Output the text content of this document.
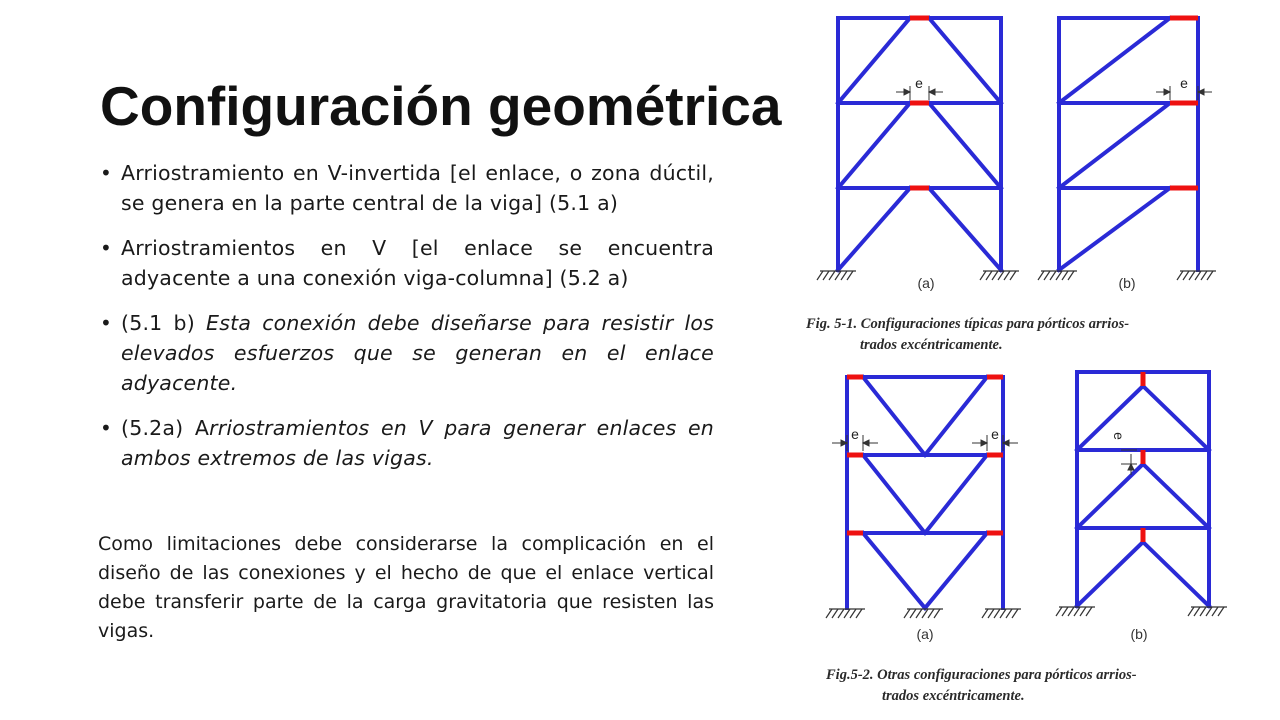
e	e
(a)	(b)
Fig. 5-1. Configuraciones típicas para pórticos arrios-
trados excéntricamente.
e	e	e
(a)	(b)
Fig.5-2. Otras configuraciones para pórticos arrios-
trados excéntricamente.
Configuración geométrica
• Arriostramiento en V-invertida [el enlace, o zona dúctil, se genera en la parte central de la viga] (5.1 a)
• Arriostramientos en V [el enlace se encuentra adyacente a una conexión viga-columna] (5.2 a)
• (5.1 b) Esta conexión debe diseñarse para resistir los elevados esfuerzos que se generan en el enlace adyacente.
• (5.2a) Arriostramientos en V para generar enlaces en ambos extremos de las vigas.

Como limitaciones debe considerarse la complicación en el diseño de las conexiones y el hecho de que el enlace vertical debe transferir parte de la carga gravitatoria que resisten las vigas.
